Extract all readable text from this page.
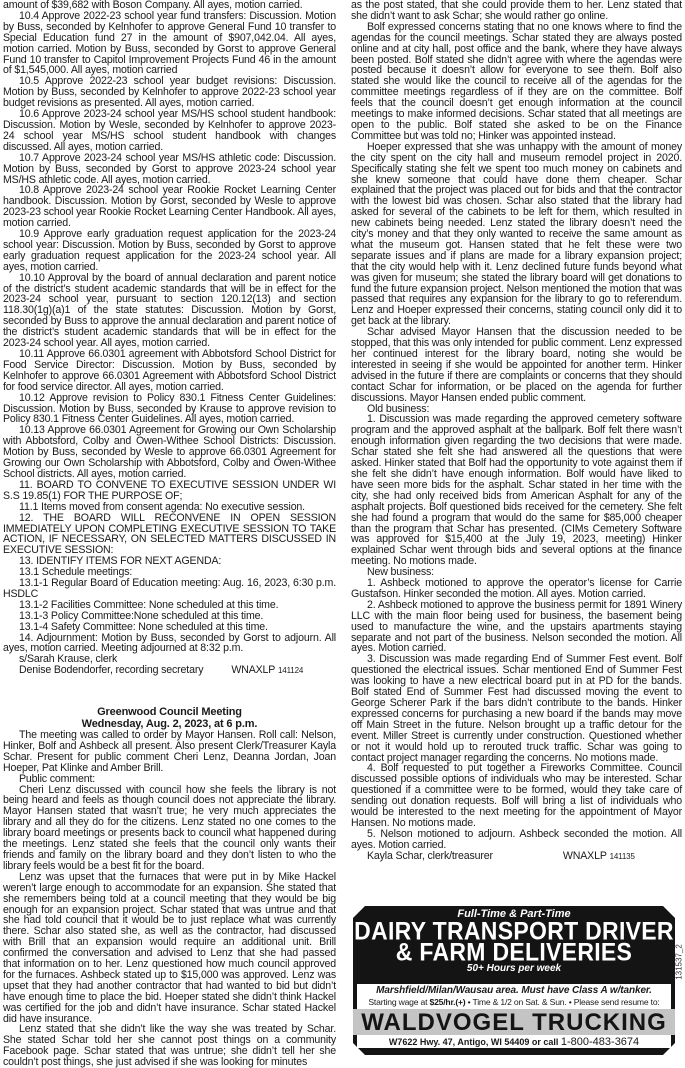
amount of $39,682 with Boson Company. All ayes, motion carried.

10.4 Approve 2022-23 school year fund transfers: Discussion. Motion by Buss, seconded by Kelnhofer to approve General Fund 10 transfer to Special Education fund 27 in the amount of $907,042.04. All ayes, motion carried. Motion by Buss, seconded by Gorst to approve General Fund 10 transfer to Capitol Improvement Projects Fund 46 in the amount of $1,545,000. All ayes, motion carried

10.5 Approve 2022-23 school year budget revisions: Discussion. Motion by Buss, seconded by Kelnhofer to approve 2022-23 school year budget revisions as presented. All ayes, motion carried.

10.6 Approve 2023-24 school year MS/HS school student handbook: Discussion. Motion by Wesle, seconded by Kelnhofer to approve 2023-24 school year MS/HS school student handbook with changes discussed. All ayes, motion carried.

10.7 Approve 2023-24 school year MS/HS athletic code: Discussion. Motion by Buss, seconded by Gorst to approve 2023-24 school year MS/HS athletic code. All ayes, motion carried.

10.8 Approve 2023-24 school year Rookie Rocket Learning Center handbook. Discussion. Motion by Gorst, seconded by Wesle to approve 2023-23 school year Rookie Rocket Learning Center Handbook. All ayes, motion carried.

10.9 Approve early graduation request application for the 2023-24 school year: Discussion. Motion by Buss, seconded by Gorst to approve early graduation request application for the 2023-24 school year. All ayes, motion carried.

10.10 Approval by the board of annual declaration and parent notice of the district’s student academic standards that will be in effect for the 2023-24 school year, pursuant to section 120.12(13) and section 118.30(1g)(a)1 of the state statutes: Discussion. Motion by Gorst, seconded by Buss to approve the annual declaration and parent notice of the district’s student academic standards that will be in effect for the 2023-24 school year. All ayes, motion carried.

10.11 Approve 66.0301 agreement with Abbotsford School District for Food Service Director: Discussion. Motion by Buss, seconded by Kelnhofer to approve 66.0301 Agreement with Abbotsford School District for food service director. All ayes, motion carried.

10.12 Approve revision to Policy 830.1 Fitness Center Guidelines: Discussion. Motion by Buss, seconded by Krause to approve revision to Policy 830.1 Fitness Center Guidelines. All ayes, motion carried.

10.13 Approve 66.0301 Agreement for Growing our Own Scholarship with Abbotsford, Colby and Owen-Withee School Districts: Discussion. Motion by Buss, seconded by Wesle to approve 66.0301 Agreement for Growing our Own Scholarship with Abbotsford, Colby and Owen-Withee School districts. All ayes, motion carried.

11. BOARD TO CONVENE TO EXECUTIVE SESSION UNDER WI S.S 19.85(1) FOR THE PURPOSE OF;

11.1 Items moved from consent agenda: No executive session.

12. THE BOARD WILL RECONVENE IN OPEN SESSION IMMEDIATELY UPON COMPLETING EXECUTIVE SESSION TO TAKE ACTION, IF NECESSARY, ON SELECTED MATTERS DISCUSSED IN EXECUTIVE SESSION:

13. IDENTIFY ITEMS FOR NEXT AGENDA:

13.1 Schedule meetings:

13.1-1 Regular Board of Education meeting: Aug. 16, 2023, 6:30 p.m. HSDLC

13.1-2 Facilities Committee: None scheduled at this time.

13.1-3 Policy Committee:None scheduled at this time.

13.1-4 Safety Committee: None scheduled at this time.

14. Adjournment: Motion by Buss, seconded by Gorst to adjourn. All ayes, motion carried. Meeting adjourned at 8:32 p.m.

s/Sarah Krause, clerk

Denise Bodendorfer, recording secretary	WNAXLP 141124

Greenwood Council Meeting

Wednesday, Aug. 2, 2023, at 6 p.m.

The meeting was called to order by Mayor Hansen. Roll call: Nelson, Hinker, Bolf and Ashbeck all present. Also present Clerk/Treasurer Kayla Schar. Present for public comment Cheri Lenz, Deanna Jordan, Joan Hoeper, Pat Klinke and Amber Brill.

Public comment:

Cheri Lenz discussed with council how she feels the library is not being heard and feels as though council does not appreciate the library. Mayor Hansen stated that wasn’t true; he very much appreciates the library and all they do for the citizens. Lenz stated no one comes to the library board meetings or presents back to council what happened during the meetings. Lenz stated she feels that the council only wants their friends and family on the library board and they don’t listen to who the library feels would be a best fit for the board.

Lenz was upset that the furnaces that were put in by Mike Hackel weren’t large enough to accommodate for an expansion. She stated that she remembers being told at a council meeting that they would be big enough for an expansion project. Schar stated that was untrue and that she had told council that it would be to just replace what was currently there. Schar also stated she, as well as the contractor, had discussed with Brill that an expansion would require an additional unit. Brill confirmed the conversation and advised to Lenz that she had passed that information on to her. Lenz questioned how much council approved for the furnaces. Ashbeck stated up to $15,000 was approved. Lenz was upset that they had another contractor that had wanted to bid but didn’t have enough time to place the bid. Hoeper stated she didn’t think Hackel was certified for the job and didn’t have insurance. Schar stated Hackel did have insurance.

Lenz stated that she didn’t like the way she was treated by Schar. She stated Schar told her she cannot post things on a community Facebook page. Schar stated that was untrue; she didn’t tell her she couldn’t post things, she just advised if she was looking for minutes

as the post stated, that she could provide them to her. Lenz stated that she didn’t want to ask Schar; she would rather go online.

Bolf expressed concerns stating that no one knows where to find the agendas for the council meetings. Schar stated they are always posted online and at city hall, post office and the bank, where they have always been posted. Bolf stated she didn’t agree with where the agendas were posted because it doesn’t allow for everyone to see them. Bolf also stated she would like the council to receive all of the agendas for the committee meetings regardless of if they are on the committee. Bolf feels that the council doesn’t get enough information at the council meetings to make informed decisions. Schar stated that all meetings are open to the public. Bolf stated she asked to be on the Finance Committee but was told no; Hinker was appointed instead.

Hoeper expressed that she was unhappy with the amount of money the city spent on the city hall and museum remodel project in 2020. Specifically stating she felt we spent too much money on cabinets and she knew someone that could have done them cheaper. Schar explained that the project was placed out for bids and that the contractor with the lowest bid was chosen. Schar also stated that the library had asked for several of the cabinets to be left for them, which resulted in new cabinets being needed. Lenz stated the library doesn’t need the city’s money and that they only wanted to receive the same amount as what the museum got. Hansen stated that he felt these were two separate issues and if plans are made for a library expansion project; that the city would help with it. Lenz declined future funds beyond what was given for museum; she stated the library board will get donations to fund the future expansion project. Nelson mentioned the motion that was passed that requires any expansion for the library to go to referendum. Lenz and Hoeper expressed their concerns, stating council only did it to get back at the library.

Schar advised Mayor Hansen that the discussion needed to be stopped, that this was only intended for public comment. Lenz expressed her continued interest for the library board, noting she would be interested in seeing if she would be appointed for another term. Hinker advised in the future if there are complaints or concerns that they should contact Schar for information, or be placed on the agenda for further discussions. Mayor Hansen ended public comment.

Old business:

1. Discussion was made regarding the approved cemetery software program and the approved asphalt at the ballpark. Bolf felt there wasn’t enough information given regarding the two decisions that were made. Schar stated she felt she had answered all the questions that were asked. Hinker stated that Bolf had the opportunity to vote against them if she felt she didn’t have enough information. Bolf would have liked to have seen more bids for the asphalt. Schar stated in her time with the city, she had only received bids from American Asphalt for any of the asphalt projects. Bolf questioned bids received for the cemetery. She felt she had found a program that would do the same for $85,000 cheaper than the program that Schar has presented. (CIMs Cemetery Software was approved for $15,400 at the July 19, 2023, meeting) Hinker explained Schar went through bids and several options at the finance meeting. No motions made.

New business:

1. Ashbeck motioned to approve the operator’s license for Carrie Gustafson. Hinker seconded the motion. All ayes. Motion carried.

2. Ashbeck motioned to approve the business permit for 1891 Winery LLC with the main floor being used for business, the basement being used to manufacture the wine, and the upstairs apartments staying separate and not part of the business. Nelson seconded the motion. All ayes. Motion carried.

3. Discussion was made regarding End of Summer Fest event. Bolf questioned the electrical issues. Schar mentioned End of Summer Fest was looking to have a new electrical board put in at PD for the bands. Bolf stated End of Summer Fest had discussed moving the event to George Scherer Park if the bars didn’t contribute to the bands. Hinker expressed concerns for purchasing a new board if the bands may move off Main Street in the future. Nelson brought up a traffic detour for the event. Miller Street is currently under construction. Questioned whether or not it would hold up to rerouted truck traffic. Schar was going to contact project manager regarding the concerns. No motions made.

4. Bolf requested to put together a Fireworks Committee. Council discussed possible options of individuals who may be interested. Schar questioned if a committee were to be formed, would they take care of sending out donation requests. Bolf will bring a list of individuals who would be interested to the next meeting for the appointment of Mayor Hansen. No motions made.

5. Nelson motioned to adjourn. Ashbeck seconded the motion. All ayes. Motion carried.

Kayla Schar, clerk/treasurer	WNAXLP 141135

Full-Time & Part-Time
DAIRY TRANSPORT DRIVER
& FARM DELIVERIES
50+ Hours per week
Marshfield/Milan/Wausau area. Must have Class A w/tanker.
Starting wage at $25/hr.(+) • Time & 1/2 on Sat. & Sun. • Please send resume to:
WALDVOGEL TRUCKING
W7622 Hwy. 47, Antigo, WI 54409 or call 1-800-483-3674
131537_2
